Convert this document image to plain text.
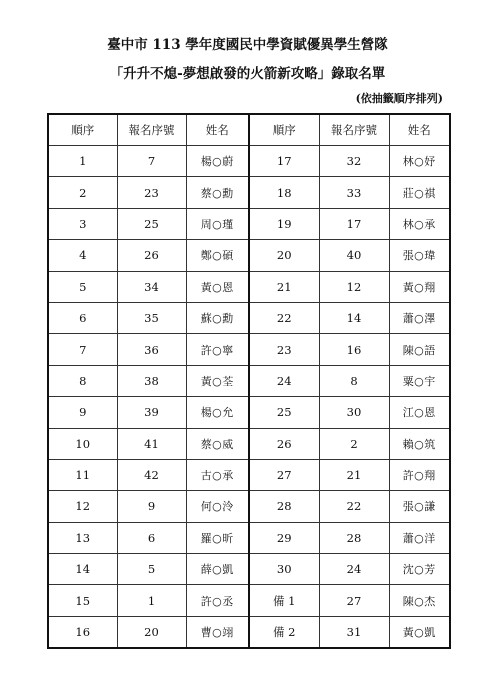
臺中市 113 學年度國民中學資賦優異學生營隊
「升升不熄-夢想啟發的火箭新攻略」錄取名單
(依抽籤順序排列)
順序	報名序號	姓名	順序	報名序號	姓名
1	7	楊○蔚	17	32	林○妤
2	23	蔡○勳	18	33	莊○祺
3	25	周○瑾	19	17	林○承
4	26	鄭○碩	20	40	張○瑋
5	34	黃○恩	21	12	黃○翔
6	35	蘇○勳	22	14	蕭○澤
7	36	許○寧	23	16	陳○語
8	38	黃○荃	24	8	粟○宇
9	39	楊○允	25	30	江○恩
10	41	蔡○威	26	2	賴○筑
11	42	古○承	27	21	許○翔
12	9	何○泠	28	22	張○謙
13	6	羅○昕	29	28	蕭○洋
14	5	薛○凱	30	24	沈○芳
15	1	許○丞	備 1	27	陳○杰
16	20	曹○翊	備 2	31	黃○凱
